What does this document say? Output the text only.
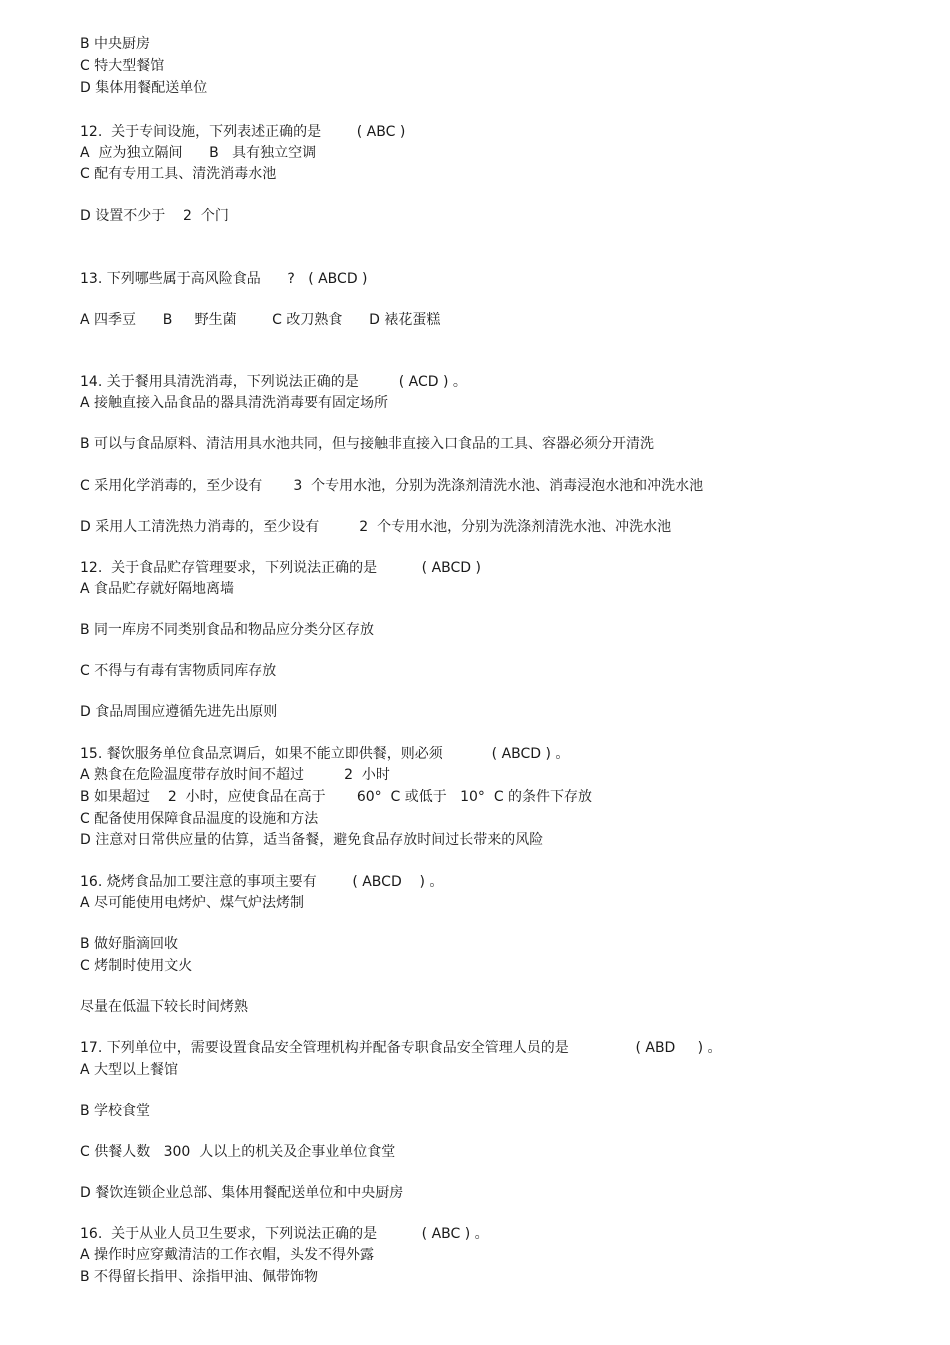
B 中央厨房
C 特大型餐馆
D 集体用餐配送单位
12.  关于专间设施，下列表述正确的是        ( ABC )
A  应为独立隔间      B   具有独立空调
C 配有专用工具、清洗消毒水池
D 设置不少于    2  个门
13. 下列哪些属于高风险食品      ?   ( ABCD )
A 四季豆      B     野生菌        C 改刀熟食      D 裱花蛋糕
14. 关于餐用具清洗消毒，下列说法正确的是         ( ACD ) 。
A 接触直接入品食品的器具清洗消毒要有固定场所
B 可以与食品原料、清洁用具水池共同，但与接触非直接入口食品的工具、容器必须分开清洗
C 采用化学消毒的，至少设有       3  个专用水池，分别为洗涤剂清洗水池、消毒浸泡水池和冲洗水池
D 采用人工清洗热力消毒的，至少设有         2  个专用水池，分别为洗涤剂清洗水池、冲洗水池
12.  关于食品贮存管理要求，下列说法正确的是          ( ABCD )
A 食品贮存就好隔地离墙
B 同一库房不同类别食品和物品应分类分区存放
C 不得与有毒有害物质同库存放
D 食品周围应遵循先进先出原则
15. 餐饮服务单位食品烹调后，如果不能立即供餐，则必须           ( ABCD ) 。
A 熟食在危险温度带存放时间不超过         2  小时
B 如果超过    2  小时，应使食品在高于       60°  C 或低于   10°  C 的条件下存放
C 配备使用保障食品温度的设施和方法
D 注意对日常供应量的估算，适当备餐，避免食品存放时间过长带来的风险
16. 烧烤食品加工要注意的事项主要有        ( ABCD    ) 。
A 尽可能使用电烤炉、煤气炉法烤制
B 做好脂滴回收
C 烤制时使用文火
尽量在低温下较长时间烤熟
17. 下列单位中，需要设置食品安全管理机构并配备专职食品安全管理人员的是               ( ABD     ) 。
A 大型以上餐馆
B 学校食堂
C 供餐人数   300  人以上的机关及企事业单位食堂
D 餐饮连锁企业总部、集体用餐配送单位和中央厨房
16.  关于从业人员卫生要求，下列说法正确的是          ( ABC ) 。
A 操作时应穿戴清洁的工作衣帽，头发不得外露
B 不得留长指甲、涂指甲油、佩带饰物
